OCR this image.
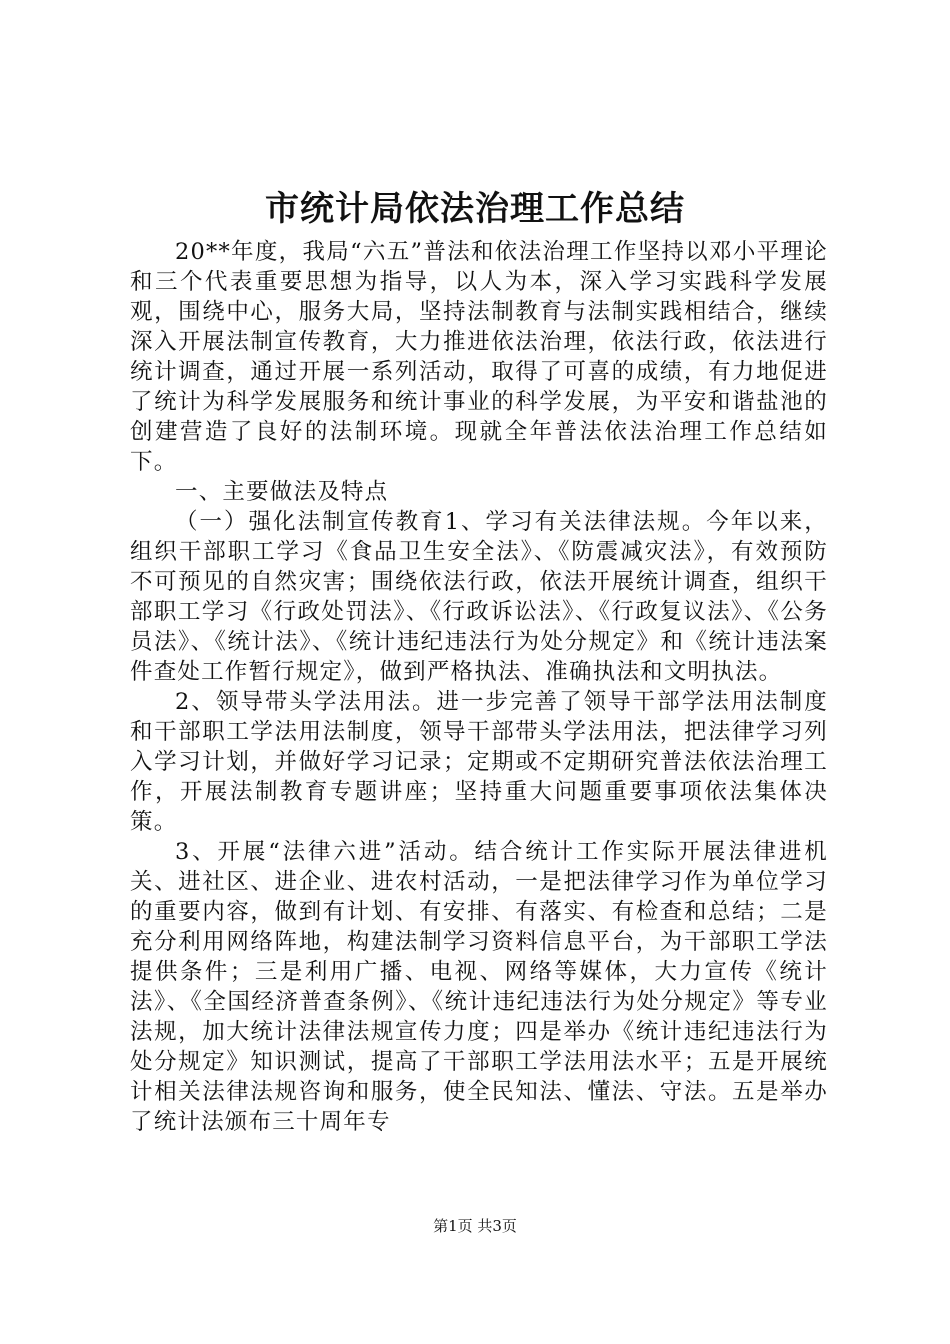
市统计局依法治理工作总结

20**年度，我局“六五”普法和依法治理工作坚持以邓小平理论和三个代表重要思想为指导，以人为本，深入学习实践科学发展观，围绕中心，服务大局，坚持法制教育与法制实践相结合，继续深入开展法制宣传教育，大力推进依法治理，依法行政，依法进行统计调查，通过开展一系列活动，取得了可喜的成绩，有力地促进了统计为科学发展服务和统计事业的科学发展，为平安和谐盐池的创建营造了良好的法制环境。现就全年普法依法治理工作总结如下。

一、主要做法及特点

（一）强化法制宣传教育1、学习有关法律法规。今年以来，组织干部职工学习《食品卫生安全法》、《防震减灾法》，有效预防不可预见的自然灾害；围绕依法行政，依法开展统计调查，组织干部职工学习《行政处罚法》、《行政诉讼法》、《行政复议法》、《公务员法》、《统计法》、《统计违纪违法行为处分规定》和《统计违法案件查处工作暂行规定》，做到严格执法、准确执法和文明执法。

2、领导带头学法用法。进一步完善了领导干部学法用法制度和干部职工学法用法制度，领导干部带头学法用法，把法律学习列入学习计划，并做好学习记录；定期或不定期研究普法依法治理工作，开展法制教育专题讲座；坚持重大问题重要事项依法集体决策。

3、开展“法律六进”活动。结合统计工作实际开展法律进机关、进社区、进企业、进农村活动，一是把法律学习作为单位学习的重要内容，做到有计划、有安排、有落实、有检查和总结；二是充分利用网络阵地，构建法制学习资料信息平台，为干部职工学法提供条件；三是利用广播、电视、网络等媒体，大力宣传《统计法》、《全国经济普查条例》、《统计违纪违法行为处分规定》等专业法规，加大统计法律法规宣传力度；四是举办《统计违纪违法行为处分规定》知识测试，提高了干部职工学法用法水平；五是开展统计相关法律法规咨询和服务，使全民知法、懂法、守法。五是举办了统计法颁布三十周年专

第1页 共3页
